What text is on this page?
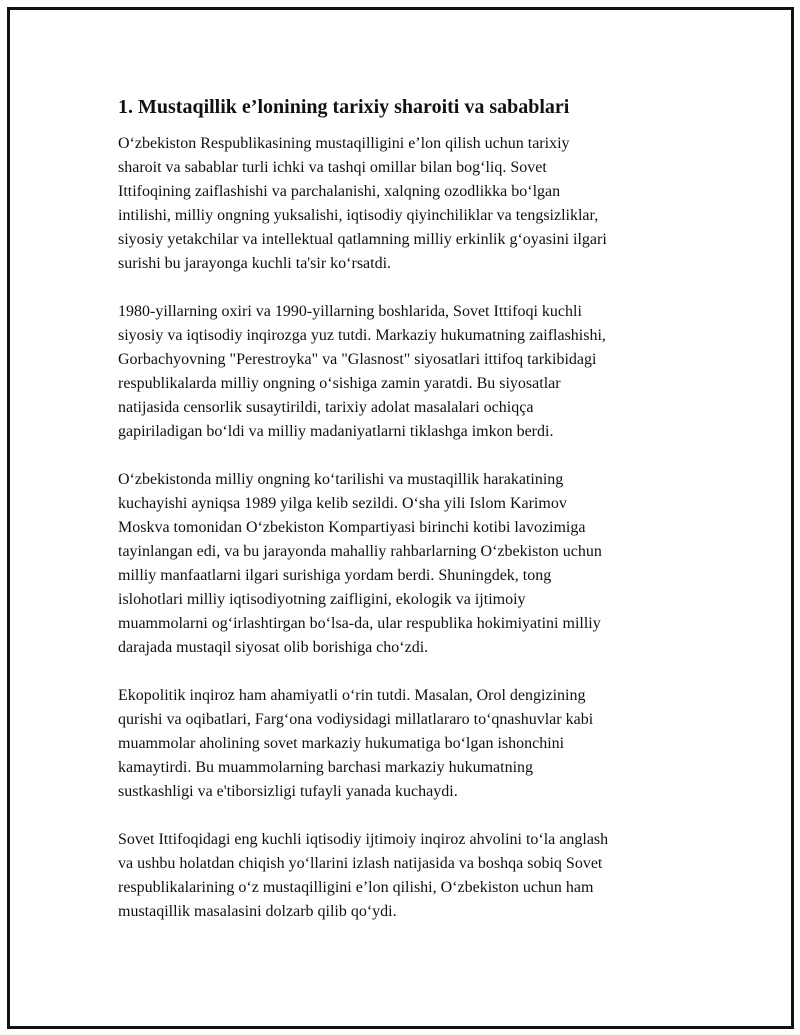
1. Mustaqillik e’lonining tarixiy sharoiti va sabablari

O‘zbekiston Respublikasining mustaqilligini e’lon qilish uchun tarixiy
sharoit va sabablar turli ichki va tashqi omillar bilan bog‘liq. Sovet
Ittifoqining zaiflashishi va parchalanishi, xalqning ozodlikka bo‘lgan
intilishi, milliy ongning yuksalishi, iqtisodiy qiyinchiliklar va tengsizliklar,
siyosiy yetakchilar va intellektual qatlamning milliy erkinlik g‘oyasini ilgari
surishi bu jarayonga kuchli ta'sir ko‘rsatdi.

1980-yillarning oxiri va 1990-yillarning boshlarida, Sovet Ittifoqi kuchli
siyosiy va iqtisodiy inqirozga yuz tutdi. Markaziy hukumatning zaiflashishi,
Gorbachyovning "Perestroyka" va "Glasnost" siyosatlari ittifoq tarkibidagi
respublikalarda milliy ongning o‘sishiga zamin yaratdi. Bu siyosatlar
natijasida censorlik susaytirildi, tarixiy adolat masalalari ochiqça
gapiriladigan bo‘ldi va milliy madaniyatlarni tiklashga imkon berdi.

O‘zbekistonda milliy ongning ko‘tarilishi va mustaqillik harakatining
kuchayishi ayniqsa 1989 yilga kelib sezildi. O‘sha yili Islom Karimov
Moskva tomonidan O‘zbekiston Kompartiyasi birinchi kotibi lavozimiga
tayinlangan edi, va bu jarayonda mahalliy rahbarlarning O‘zbekiston uchun
milliy manfaatlarni ilgari surishiga yordam berdi. Shuningdek, tong
islohotlari milliy iqtisodiyotning zaifligini, ekologik va ijtimoiy
muammolarni og‘irlashtirgan bo‘lsa-da, ular respublika hokimiyatini milliy
darajada mustaqil siyosat olib borishiga cho‘zdi.

Ekopolitik inqiroz ham ahamiyatli o‘rin tutdi. Masalan, Orol dengizining
qurishi va oqibatlari, Farg‘ona vodiysidagi millatlararo to‘qnashuvlar kabi
muammolar aholining sovet markaziy hukumatiga bo‘lgan ishonchini
kamaytirdi. Bu muammolarning barchasi markaziy hukumatning
sustkashligi va e'tiborsizligi tufayli yanada kuchaydi.

Sovet Ittifoqidagi eng kuchli iqtisodiy ijtimoiy inqiroz ahvolini to‘la anglash
va ushbu holatdan chiqish yo‘llarini izlash natijasida va boshqa sobiq Sovet
respublikalarining o‘z mustaqilligini e’lon qilishi, O‘zbekiston uchun ham
mustaqillik masalasini dolzarb qilib qo‘ydi.
